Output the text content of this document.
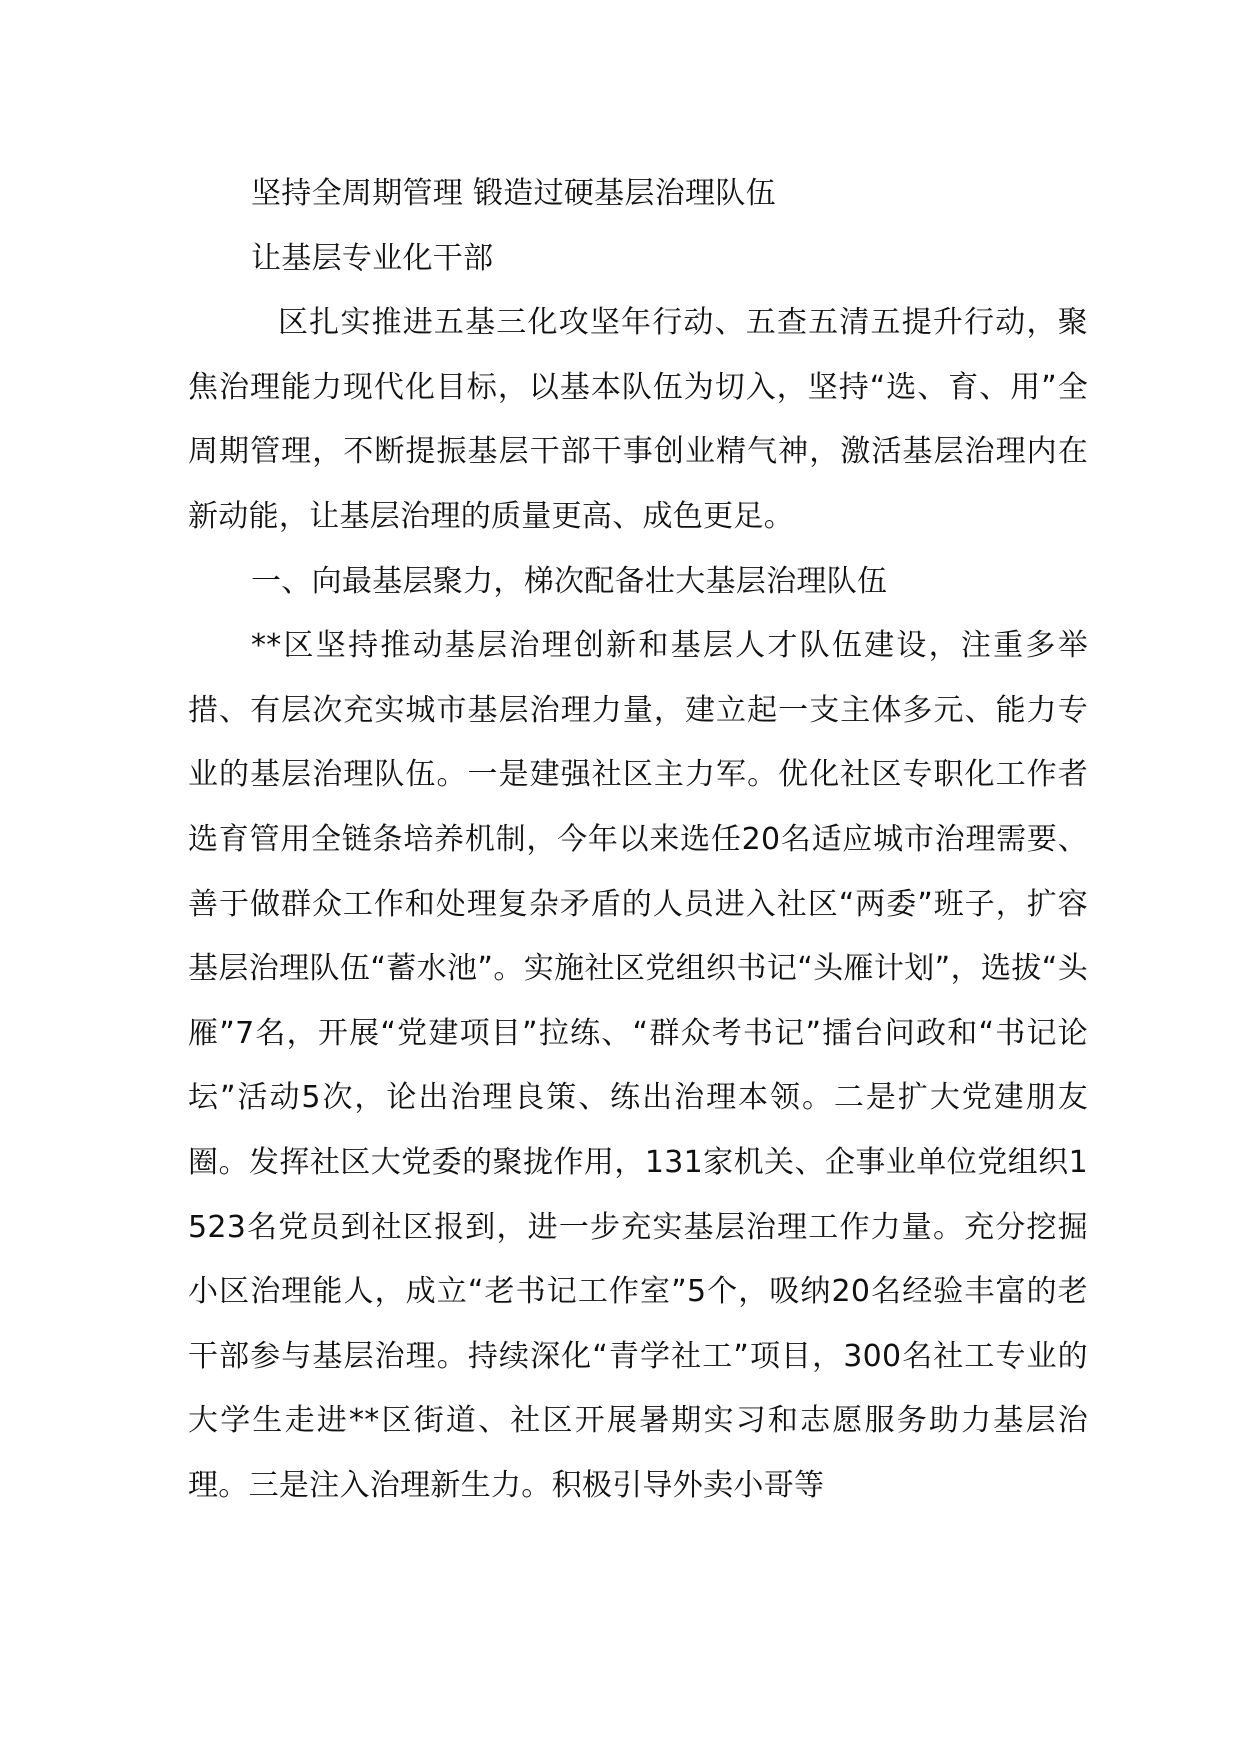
坚持全周期管理 锻造过硬基层治理队伍

让基层专业化干部

区扎实推进五基三化攻坚年行动、五查五清五提升行动，聚焦治理能力现代化目标，以基本队伍为切入，坚持“选、育、用”全周期管理，不断提振基层干部干事创业精气神，激活基层治理内在新动能，让基层治理的质量更高、成色更足。

一、向最基层聚力，梯次配备壮大基层治理队伍

**区坚持推动基层治理创新和基层人才队伍建设，注重多举措、有层次充实城市基层治理力量，建立起一支主体多元、能力专业的基层治理队伍。一是建强社区主力军。优化社区专职化工作者选育管用全链条培养机制，今年以来选任20名适应城市治理需要、善于做群众工作和处理复杂矛盾的人员进入社区“两委”班子，扩容基层治理队伍“蓄水池”。实施社区党组织书记“头雁计划”，选拔“头雁”7名，开展“党建项目”拉练、“群众考书记”擂台问政和“书记论坛”活动5次，论出治理良策、练出治理本领。二是扩大党建朋友圈。发挥社区大党委的聚拢作用，131家机关、企事业单位党组织1523名党员到社区报到，进一步充实基层治理工作力量。充分挖掘小区治理能人，成立“老书记工作室”5个，吸纳20名经验丰富的老干部参与基层治理。持续深化“青学社工”项目，300名社工专业的大学生走进**区街道、社区开展暑期实习和志愿服务助力基层治理。三是注入治理新生力。积极引导外卖小哥等
